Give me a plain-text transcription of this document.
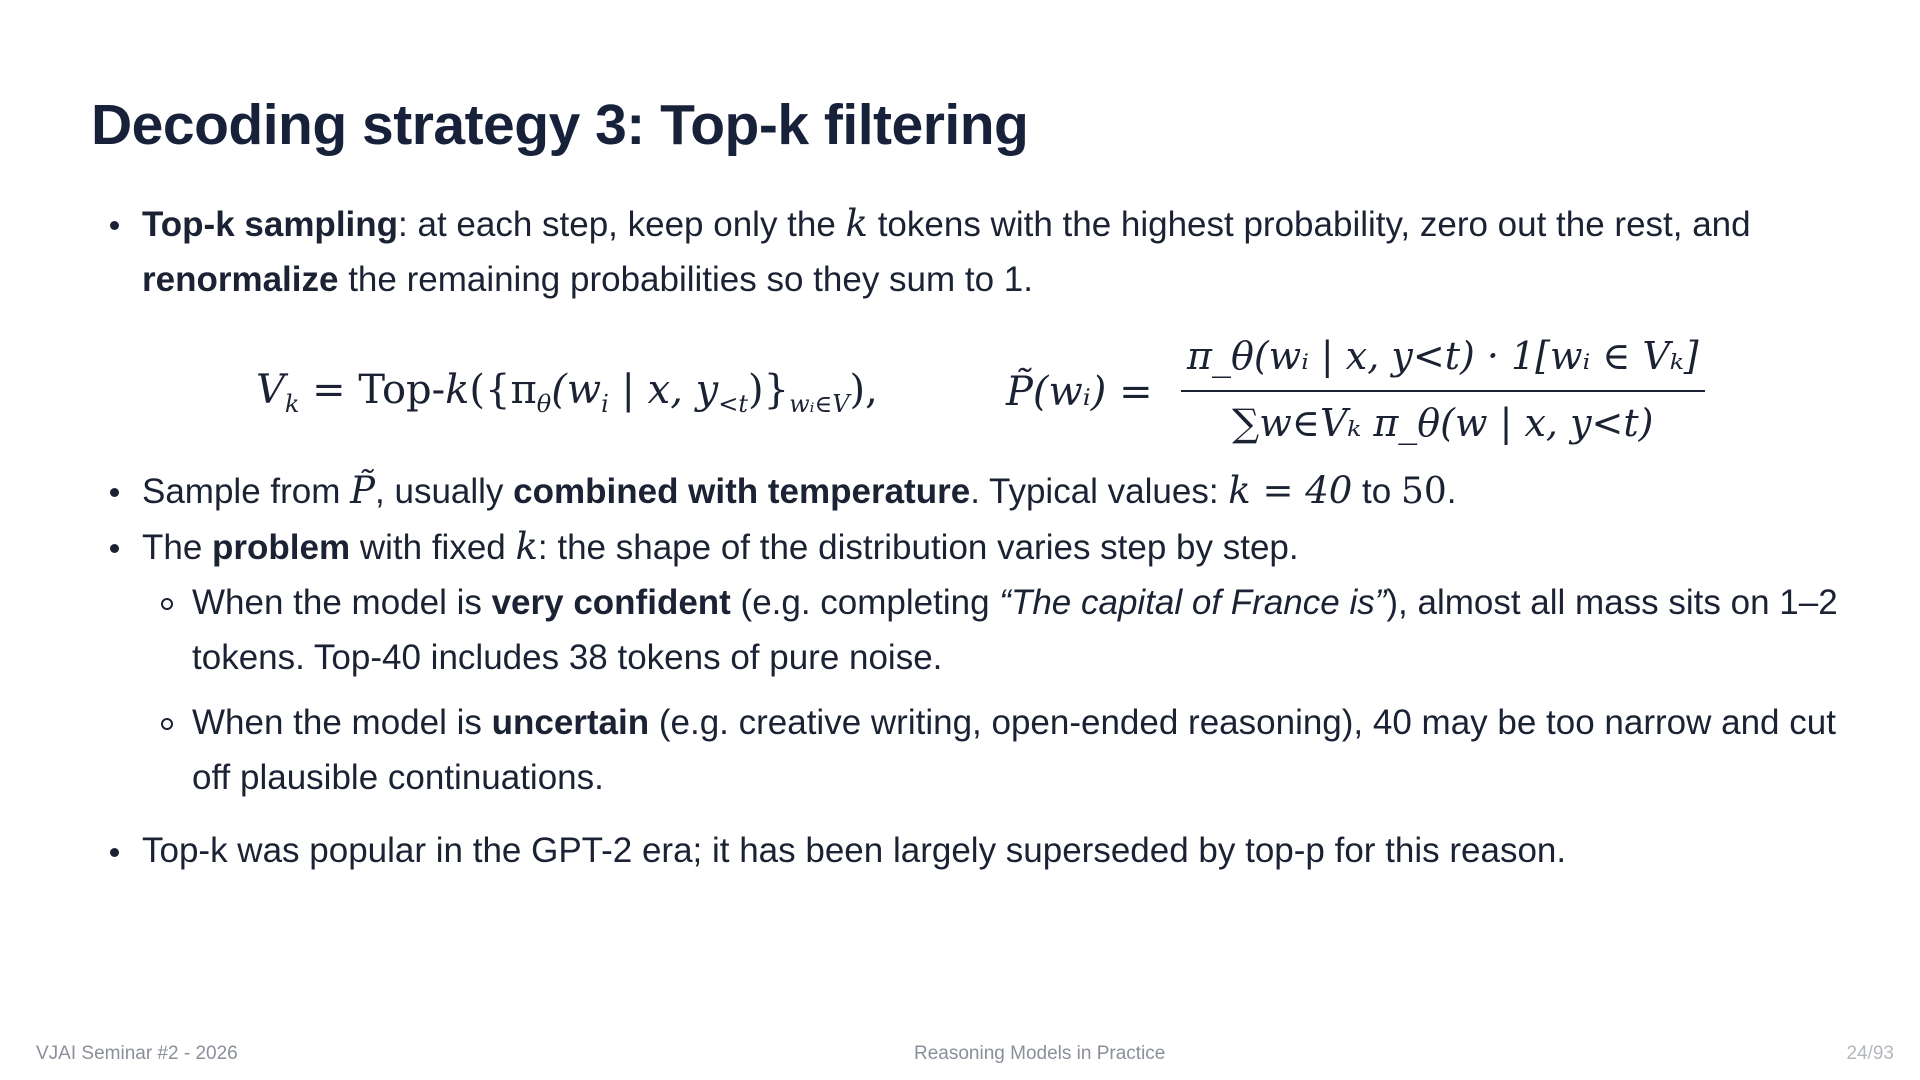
Decoding strategy 3: Top-k filtering
Top-k sampling: at each step, keep only the k tokens with the highest probability, zero out the rest, and renormalize the remaining probabilities so they sum to 1.
$V_k = Top-k(\{\pi_\theta(w_i$ | x, $y_{<t})\}_{wᵢ\in V}$),	P̃(wᵢ) = $\frac{\text{π\_θ(wᵢ | x, y<t) · 1[wᵢ ∈ Vₖ]}}{\text{∑w∈Vₖ π\_θ(w | x, y<t)}}$
Sample from P̃, usually combined with temperature. Typical values: k = 40 to 50.
The problem with fixed k: the shape of the distribution varies step by step.
When the model is very confident (e.g. completing “The capital of France is”), almost all mass sits on 1–2 tokens. Top-40 includes 38 tokens of pure noise.
When the model is uncertain (e.g. creative writing, open-ended reasoning), 40 may be too narrow and cut off plausible continuations.
Top-k was popular in the GPT-2 era; it has been largely superseded by top-p for this reason.
VJAI Seminar #2 - 2026	Reasoning Models in Practice	24/93
